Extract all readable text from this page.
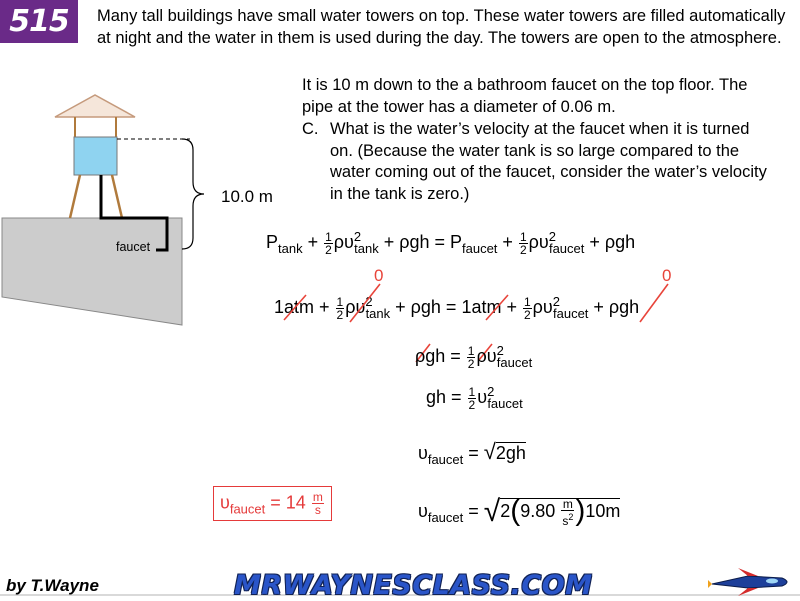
515	Many tall buildings have small water towers on top. These water towers are filled automatically at night and the water in them is used during the day. The towers are open to the atmosphere.
It is 10 m down to the a bathroom faucet on the top floor. The pipe at the tower has a diameter of 0.06 m.
C. What is the water’s velocity at the faucet when it is turned on. (Because the water tank is so large compared to the water coming out of the faucet, consider the water’s velocity in the tank is zero.)
10.0 m
faucet	$P_{tank} + \frac{1}{2} \rho\upsilon^2_{tank} + \rho gh = P_{faucet} + \frac{1}{2} \rho\upsilon^2_{faucet} + \rho gh$
0	0
$1atm + \frac{1}{2} \rho\upsilon^2_{tank} + \rho gh = 1atm + \frac{1}{2} \rho\upsilon^2_{faucet} + \rho gh$
$\rho gh = \frac{1}{2} \rho\upsilon^2_{faucet}$
gh = $\frac{1}{2} \upsilon^2_{faucet}$
$\upsilon_{faucet} = √2gh$
$\upsilon_{faucet} = √2(9.80 \frac{m}{s^2} )10m$
$\upsilon_{faucet} = 14 \frac{m}{s}$
by T.Wayne	MRWAYNESCLASS.COM
